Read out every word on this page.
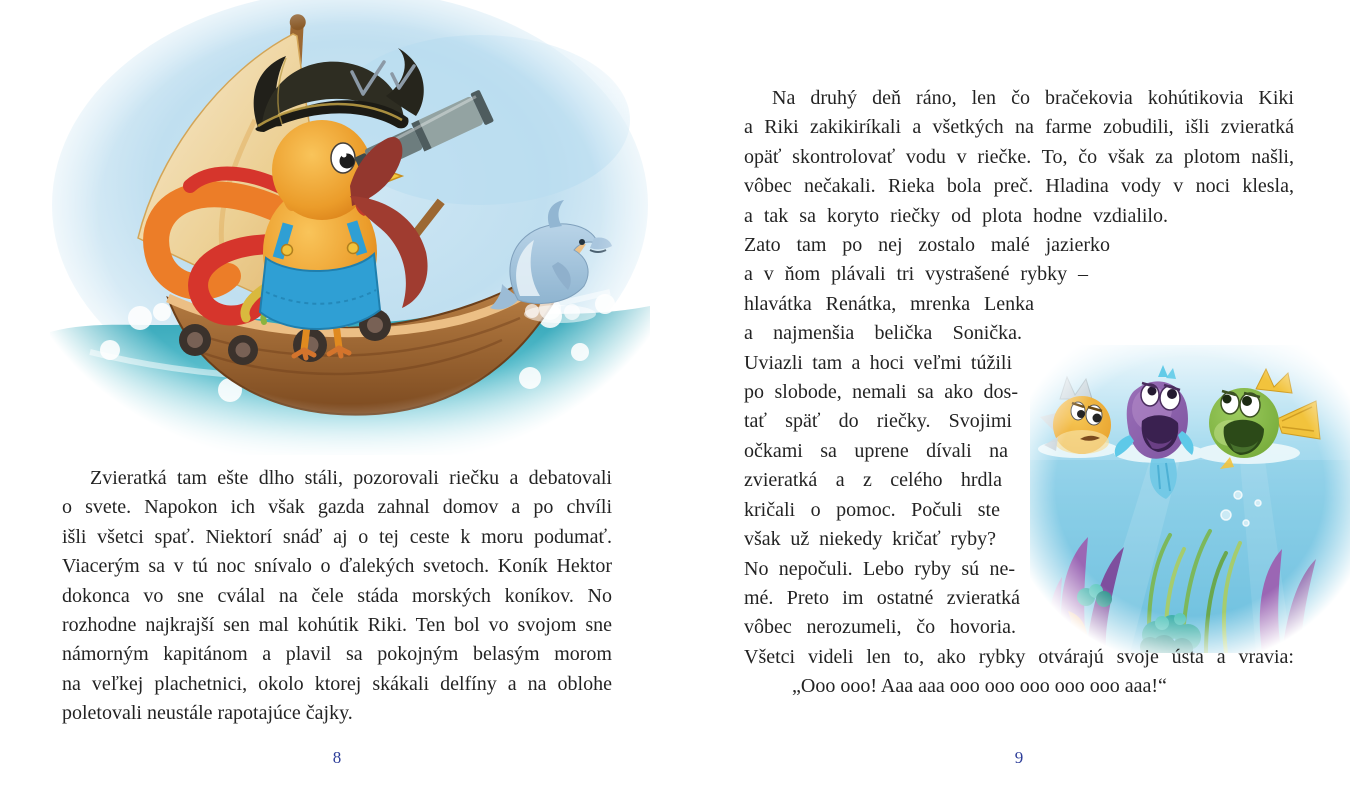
Zvieratká tam ešte dlho stáli, pozorovali riečku a debatovali
o svete. Napokon ich však gazda zahnal domov a po chvíli
išli všetci spať. Niektorí snáď aj o tej ceste k moru podumať.
Viacerým sa v tú noc snívalo o ďalekých svetoch. Koník Hektor
dokonca vo sne cválal na čele stáda morských koníkov. No
rozhodne najkrajší sen mal kohútik Riki. Ten bol vo svojom sne
námorným kapitánom a plavil sa pokojným belasým morom
na veľkej plachetnici, okolo ktorej skákali delfíny a na oblohe
poletovali neustále rapotajúce čajky.
8
Na druhý deň ráno, len čo bračekovia kohútikovia Kiki
a Riki zakikiríkali a všetkých na farme zobudili, išli zvieratká
opäť skontrolovať vodu v riečke. To, čo však za plotom našli,
vôbec nečakali. Rieka bola preč. Hladina vody v noci klesla,
a tak sa koryto riečky od plota hodne vzdialilo.
Zato tam po nej zostalo malé jazierko
a v ňom plávali tri vystrašené rybky –
hlavátka Renátka, mrenka Lenka
a najmenšia belička Sonička.
Uviazli tam a hoci veľmi túžili
po slobode, nemali sa ako dos-
tať späť do riečky. Svojimi
očkami sa uprene dívali na
zvieratká a z celého hrdla
kričali o pomoc. Počuli ste
však už niekedy kričať ryby?
No nepočuli. Lebo ryby sú ne-
mé. Preto im ostatné zvieratká
vôbec nerozumeli, čo hovoria.
Všetci videli len to, ako rybky otvárajú svoje ústa a vravia:
„Ooo ooo! Aaa aaa ooo ooo ooo ooo ooo aaa!“
9
